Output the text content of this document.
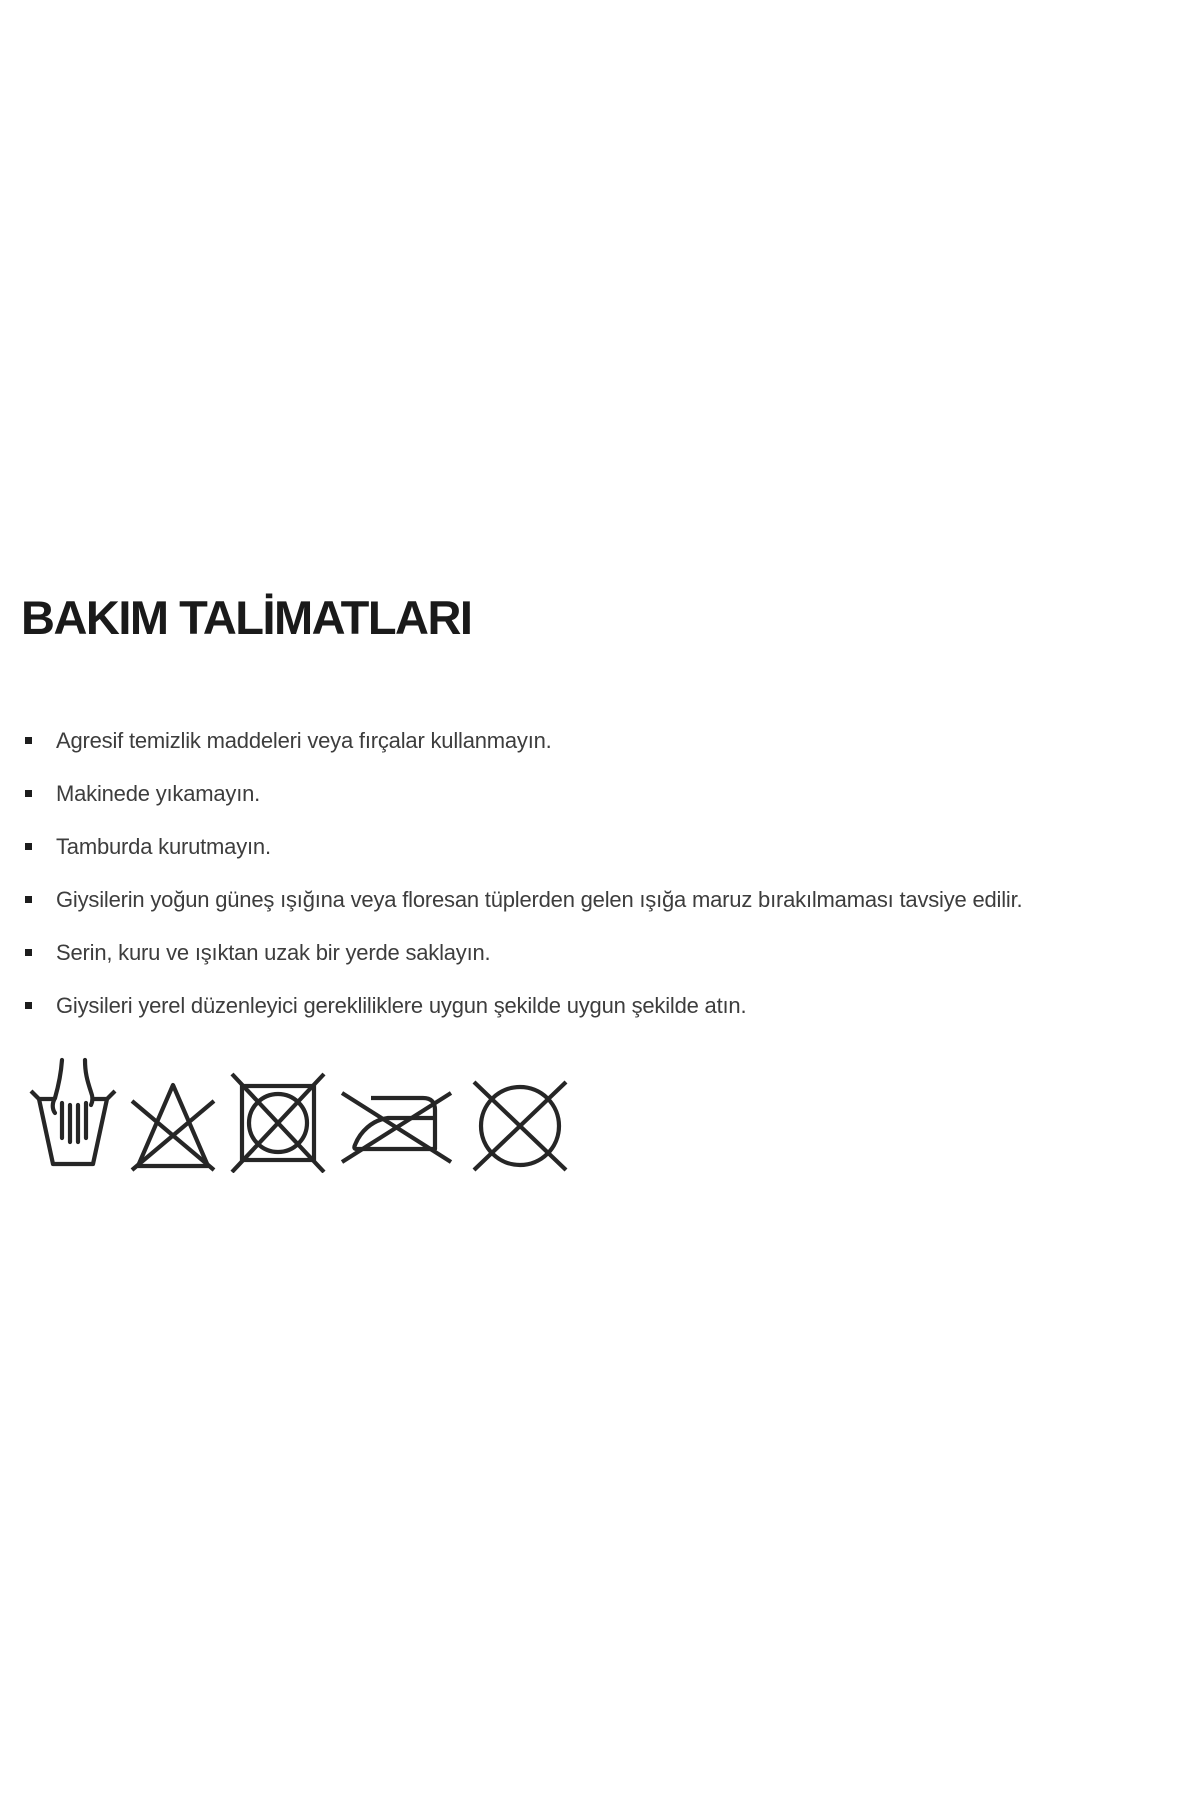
BAKIM TALİMATLARI
Agresif temizlik maddeleri veya fırçalar kullanmayın.
Makinede yıkamayın.
Tamburda kurutmayın.
Giysilerin yoğun güneş ışığına veya floresan tüplerden gelen ışığa maruz bırakılmaması tavsiye edilir.
Serin, kuru ve ışıktan uzak bir yerde saklayın.
Giysileri yerel düzenleyici gerekliliklere uygun şekilde uygun şekilde atın.
